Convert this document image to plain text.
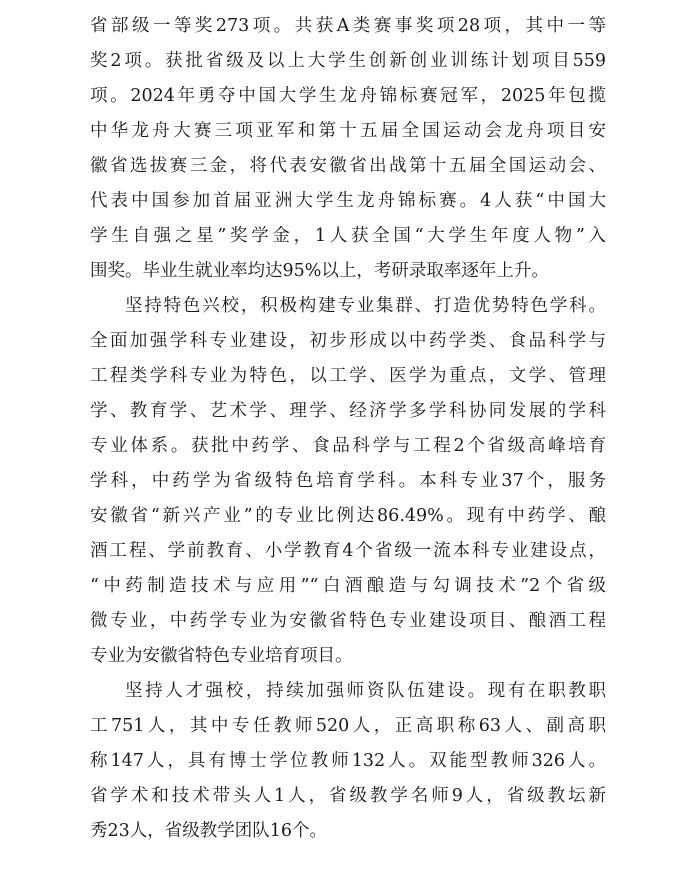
省部级一等奖273项。共获A类赛事奖项28项，其中一等
奖2项。获批省级及以上大学生创新创业训练计划项目559
项。2024年勇夺中国大学生龙舟锦标赛冠军，2025年包揽
中华龙舟大赛三项亚军和第十五届全国运动会龙舟项目安
徽省选拔赛三金，将代表安徽省出战第十五届全国运动会、
代表中国参加首届亚洲大学生龙舟锦标赛。4人获“中国大
学生自强之星”奖学金，1人获全国“大学生年度人物”入
围奖。毕业生就业率均达95%以上，考研录取率逐年上升。
坚持特色兴校，积极构建专业集群、打造优势特色学科。
全面加强学科专业建设，初步形成以中药学类、食品科学与
工程类学科专业为特色，以工学、医学为重点，文学、管理
学、教育学、艺术学、理学、经济学多学科协同发展的学科
专业体系。获批中药学、食品科学与工程2个省级高峰培育
学科，中药学为省级特色培育学科。本科专业37个，服务
安徽省“新兴产业”的专业比例达86.49%。现有中药学、酿
酒工程、学前教育、小学教育4个省级一流本科专业建设点，
“中药制造技术与应用”“白酒酿造与勾调技术”2个省级
微专业，中药学专业为安徽省特色专业建设项目、酿酒工程
专业为安徽省特色专业培育项目。
坚持人才强校，持续加强师资队伍建设。现有在职教职
工751人，其中专任教师520人，正高职称63人、副高职
称147人，具有博士学位教师132人。双能型教师326人。
省学术和技术带头人1人，省级教学名师9人，省级教坛新
秀23人，省级教学团队16个。
